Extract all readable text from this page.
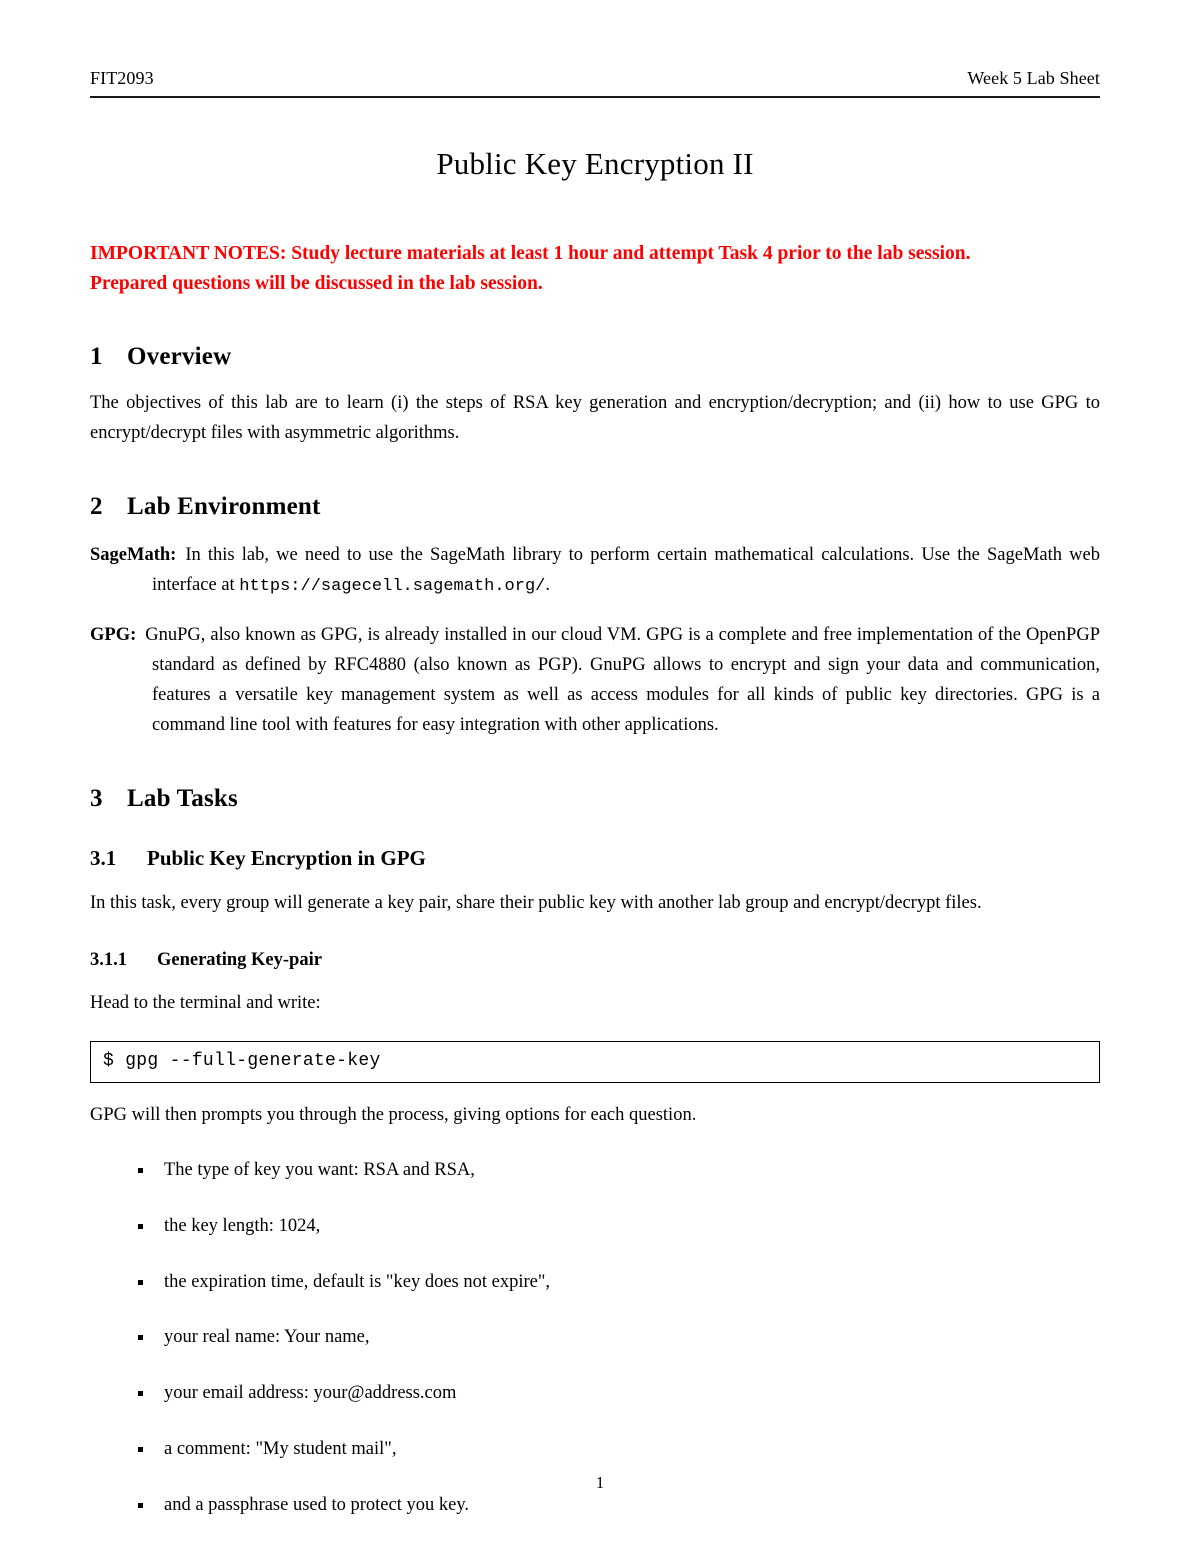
FIT2093	Week 5 Lab Sheet
Public Key Encryption II
IMPORTANT NOTES: Study lecture materials at least 1 hour and attempt Task 4 prior to the lab session.
Prepared questions will be discussed in the lab session.
1 Overview

The objectives of this lab are to learn (i) the steps of RSA key generation and encryption/decryption; and (ii) how to use GPG to encrypt/decrypt files with asymmetric algorithms.

2 Lab Environment

SageMath: In this lab, we need to use the SageMath library to perform certain mathematical calculations. Use the SageMath web interface at https://sagecell.sagemath.org/.

GPG: GnuPG, also known as GPG, is already installed in our cloud VM. GPG is a complete and free implementation of the OpenPGP standard as defined by RFC4880 (also known as PGP). GnuPG allows to encrypt and sign your data and communication, features a versatile key management system as well as access modules for all kinds of public key directories. GPG is a command line tool with features for easy integration with other applications.

3 Lab Tasks
3.1	Public Key Encryption in GPG

In this task, every group will generate a key pair, share their public key with another lab group and encrypt/decrypt files.

3.1.1	Generating Key-pair

Head to the terminal and write:

$ gpg --full-generate-key

GPG will then prompts you through the process, giving options for each question.

The type of key you want: RSA and RSA,
the key length: 1024,
the expiration time, default is "key does not expire",
your real name: Your name,
your email address: your@address.com
a comment: "My student mail",
and a passphrase used to protect you key.
1
